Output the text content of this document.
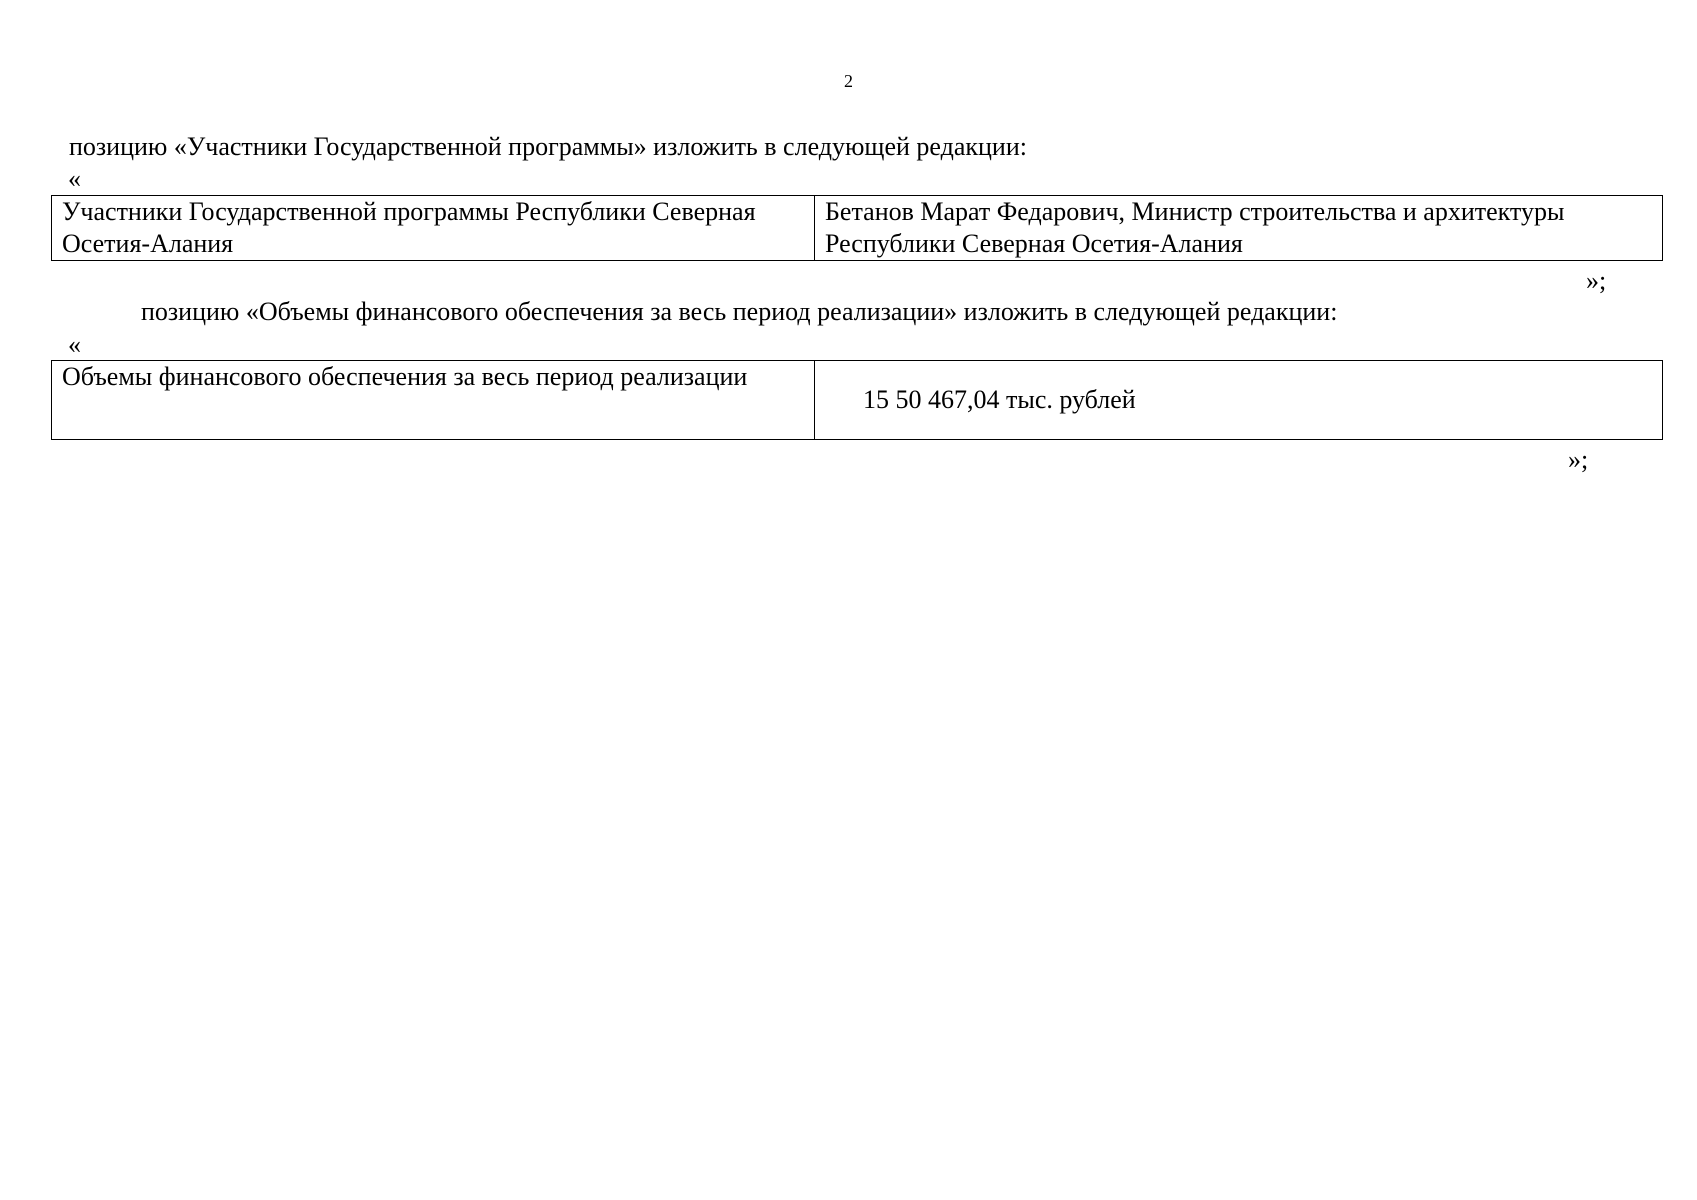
2
позицию «Участники Государственной программы» изложить в следующей редакции:
«
Участники Государственной программы Республики Северная Осетия-Алания	Бетанов Марат Федарович, Министр строительства и архитектуры Республики Северная Осетия-Алания
»;
позицию «Объемы финансового обеспечения за весь период реализации» изложить в следующей редакции:
«
Объемы финансового обеспечения за весь период реализации	15 50 467,04 тыс. рублей
»;
